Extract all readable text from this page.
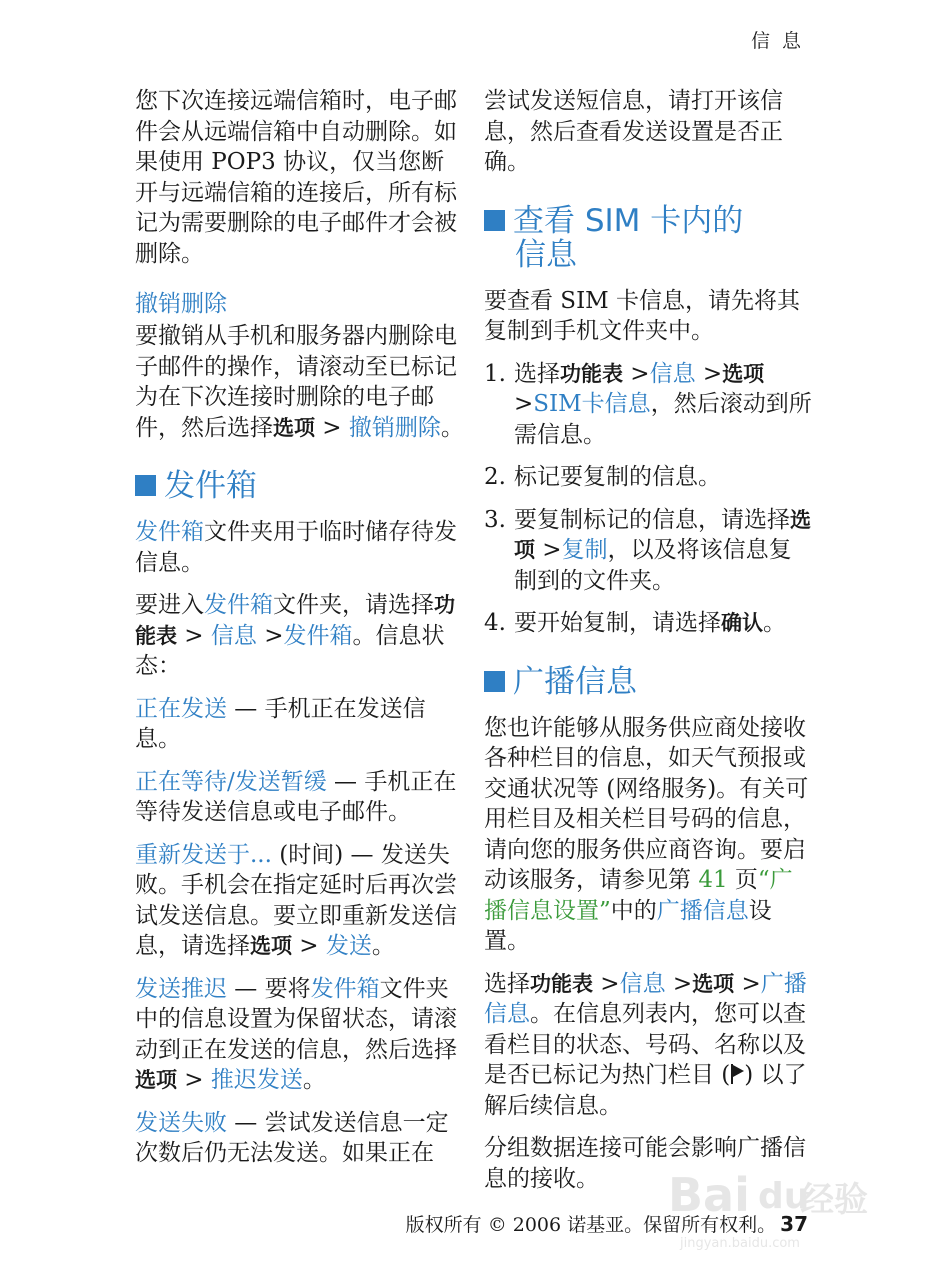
信 息

您下次连接远端信箱时，电子邮件会从远端信箱中自动删除。如果使用 POP3 协议，仅当您断开与远端信箱的连接后，所有标记为需要删除的电子邮件才会被删除。

撤销删除

要撤销从手机和服务器内删除电子邮件的操作，请滚动至已标记为在下次连接时删除的电子邮件，然后选择选项 > 撤销删除。

发件箱

发件箱文件夹用于临时储存待发信息。

要进入发件箱文件夹，请选择功能表 > 信息 >发件箱。信息状态：

正在发送 — 手机正在发送信息。

正在等待/发送暂缓 — 手机正在等待发送信息或电子邮件。

重新发送于... (时间) — 发送失败。手机会在指定延时后再次尝试发送信息。要立即重新发送信息，请选择选项 > 发送。

发送推迟 — 要将发件箱文件夹中的信息设置为保留状态，请滚动到正在发送的信息，然后选择选项 > 推迟发送。

发送失败 — 尝试发送信息一定次数后仍无法发送。如果正在

尝试发送短信息，请打开该信息，然后查看发送设置是否正确。

查看 SIM 卡内的
信息

要查看 SIM 卡信息，请先将其复制到手机文件夹中。

1. 选择功能表 >信息 >选项 >SIM卡信息，然后滚动到所需信息。
2. 标记要复制的信息。
3. 要复制标记的信息，请选择选项 >复制，以及将该信息复制到的文件夹。
4. 要开始复制，请选择确认。
广播信息

您也许能够从服务供应商处接收各种栏目的信息，如天气预报或交通状况等 (网络服务)。有关可用栏目及相关栏目号码的信息，请向您的服务供应商咨询。要启动该服务，请参见第 41 页“广播信息设置”中的广播信息设置。

选择功能表 >信息 >选项 >广播信息。在信息列表内，您可以查看栏目的状态、号码、名称以及是否已标记为热门栏目 ( ) 以了解后续信息。

分组数据连接可能会影响广播信息的接收。	Bai du
经验
jingyan.baidu.com
版权所有 © 2006 诺基亚。保留所有权利。 37
